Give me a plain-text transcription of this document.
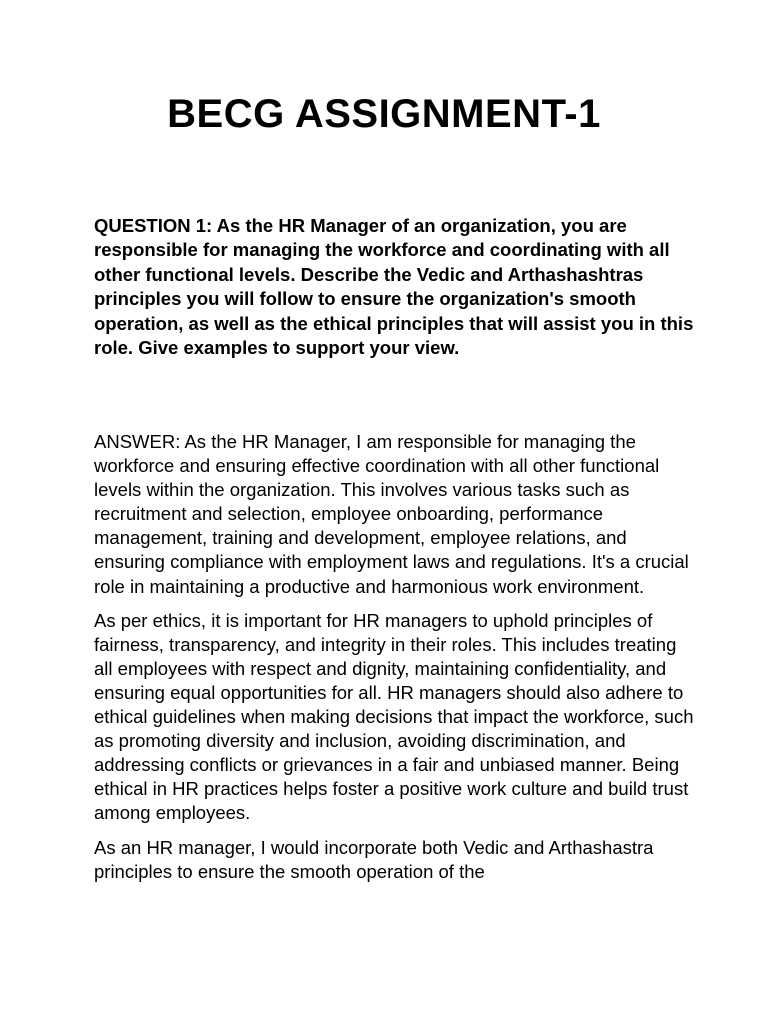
BECG ASSIGNMENT-1

QUESTION 1: As the HR Manager of an organization, you are responsible for managing the workforce and coordinating with all other functional levels. Describe the Vedic and Arthashashtras principles you will follow to ensure the organization's smooth operation, as well as the ethical principles that will assist you in this role. Give examples to support your view.

ANSWER: As the HR Manager, I am responsible for managing the workforce and ensuring effective coordination with all other functional levels within the organization. This involves various tasks such as recruitment and selection, employee onboarding, performance management, training and development, employee relations, and ensuring compliance with employment laws and regulations. It's a crucial role in maintaining a productive and harmonious work environment.

As per ethics, it is important for HR managers to uphold principles of fairness, transparency, and integrity in their roles. This includes treating all employees with respect and dignity, maintaining confidentiality, and ensuring equal opportunities for all. HR managers should also adhere to ethical guidelines when making decisions that impact the workforce, such as promoting diversity and inclusion, avoiding discrimination, and addressing conflicts or grievances in a fair and unbiased manner. Being ethical in HR practices helps foster a positive work culture and build trust among employees.

As an HR manager, I would incorporate both Vedic and Arthashastra principles to ensure the smooth operation of the
